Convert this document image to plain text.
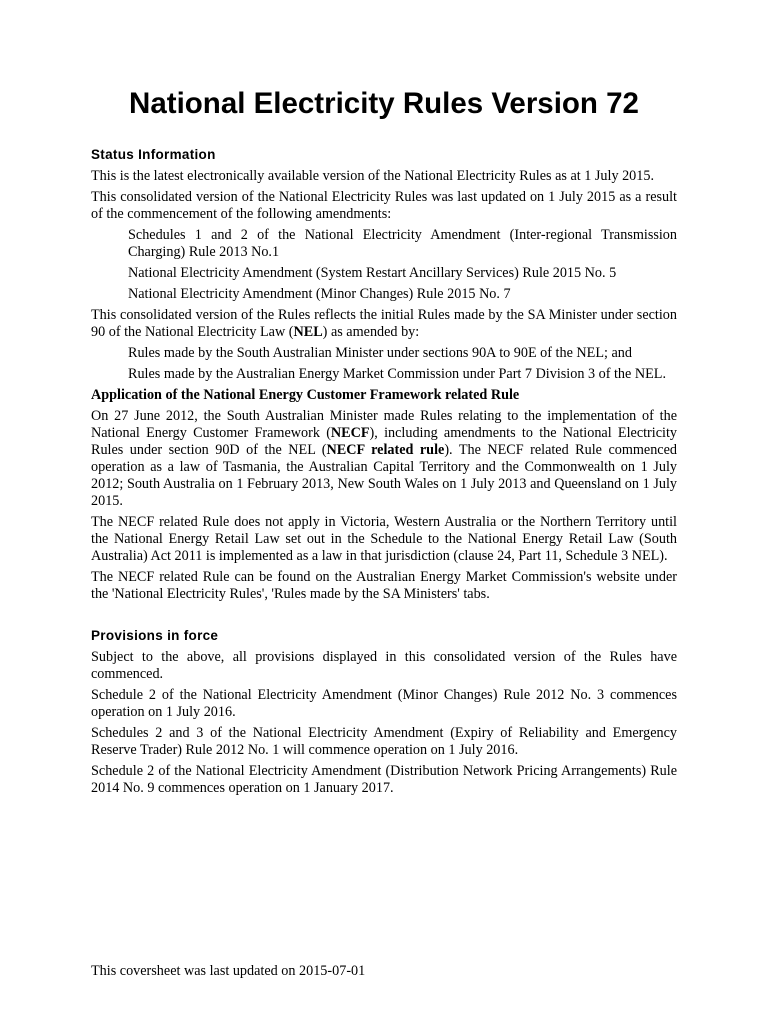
National Electricity Rules Version 72
Status Information

This is the latest electronically available version of the National Electricity Rules as at 1 July 2015.

This consolidated version of the National Electricity Rules was last updated on 1 July 2015 as a result of the commencement of the following amendments:

Schedules 1 and 2 of the National Electricity Amendment (Inter-regional Transmission Charging) Rule 2013 No.1

National Electricity Amendment (System Restart Ancillary Services) Rule 2015 No. 5

National Electricity Amendment (Minor Changes) Rule 2015 No. 7

This consolidated version of the Rules reflects the initial Rules made by the SA Minister under section 90 of the National Electricity Law (NEL) as amended by:

Rules made by the South Australian Minister under sections 90A to 90E of the NEL; and

Rules made by the Australian Energy Market Commission under Part 7 Division 3 of the NEL.

Application of the National Energy Customer Framework related Rule

On 27 June 2012, the South Australian Minister made Rules relating to the implementation of the National Energy Customer Framework (NECF), including amendments to the National Electricity Rules under section 90D of the NEL (NECF related rule). The NECF related Rule commenced operation as a law of Tasmania, the Australian Capital Territory and the Commonwealth on 1 July 2012; South Australia on 1 February 2013, New South Wales on 1 July 2013 and Queensland on 1 July 2015.

The NECF related Rule does not apply in Victoria, Western Australia or the Northern Territory until the National Energy Retail Law set out in the Schedule to the National Energy Retail Law (South Australia) Act 2011 is implemented as a law in that jurisdiction (clause 24, Part 11, Schedule 3 NEL).

The NECF related Rule can be found on the Australian Energy Market Commission's website under the 'National Electricity Rules', 'Rules made by the SA Ministers' tabs.

Provisions in force

Subject to the above, all provisions displayed in this consolidated version of the Rules have commenced.

Schedule 2 of the National Electricity Amendment (Minor Changes) Rule 2012 No. 3 commences operation on 1 July 2016.

Schedules 2 and 3 of the National Electricity Amendment (Expiry of Reliability and Emergency Reserve Trader) Rule 2012 No. 1 will commence operation on 1 July 2016.

Schedule 2 of the National Electricity Amendment (Distribution Network Pricing Arrangements) Rule 2014 No. 9 commences operation on 1 January 2017.

This coversheet was last updated on 2015-07-01
